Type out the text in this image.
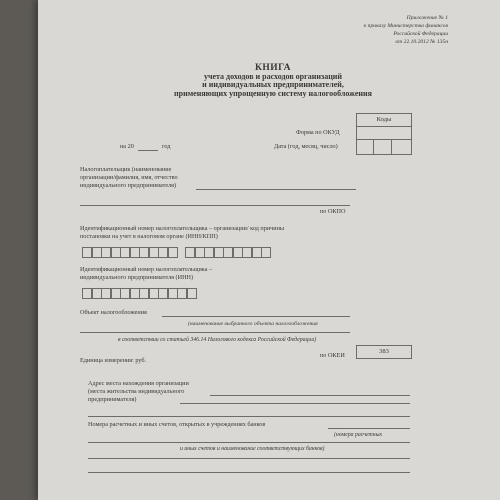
Приложение № 1
к приказу Министерства финансов
Российской Федерации
от 22.10.2012 № 135н
КНИГА
учета доходов и расходов организаций
и индивидуальных предпринимателей,
применяющих упрощенную систему налогообложения
Коды
Форма по ОКУД
Дата (год, месяц, число)
на 20	год
Налогоплательщик (наименование
организации/фамилия, имя, отчество
индивидуального предпринимателя)
по ОКПО
Идентификационный номер налогоплательщика – организации/ код причины
постановки на учет в налоговом органе (ИНН/КПП)
Идентификационный номер налогоплательщика –
индивидуального предпринимателя (ИНН)
Объект налогообложения
(наименование выбранного объекта налогообложения
в соответствии со статьей 346.14 Налогового кодекса Российской Федерации)
383
по ОКЕИ
Единица измерения: руб.
Адрес места нахождения организации
(места жительства индивидуального
предпринимателя)
Номера расчетных и иных счетов, открытых в учреждениях банков
(номера расчетных
и иных счетов и наименование соответствующих банков)
